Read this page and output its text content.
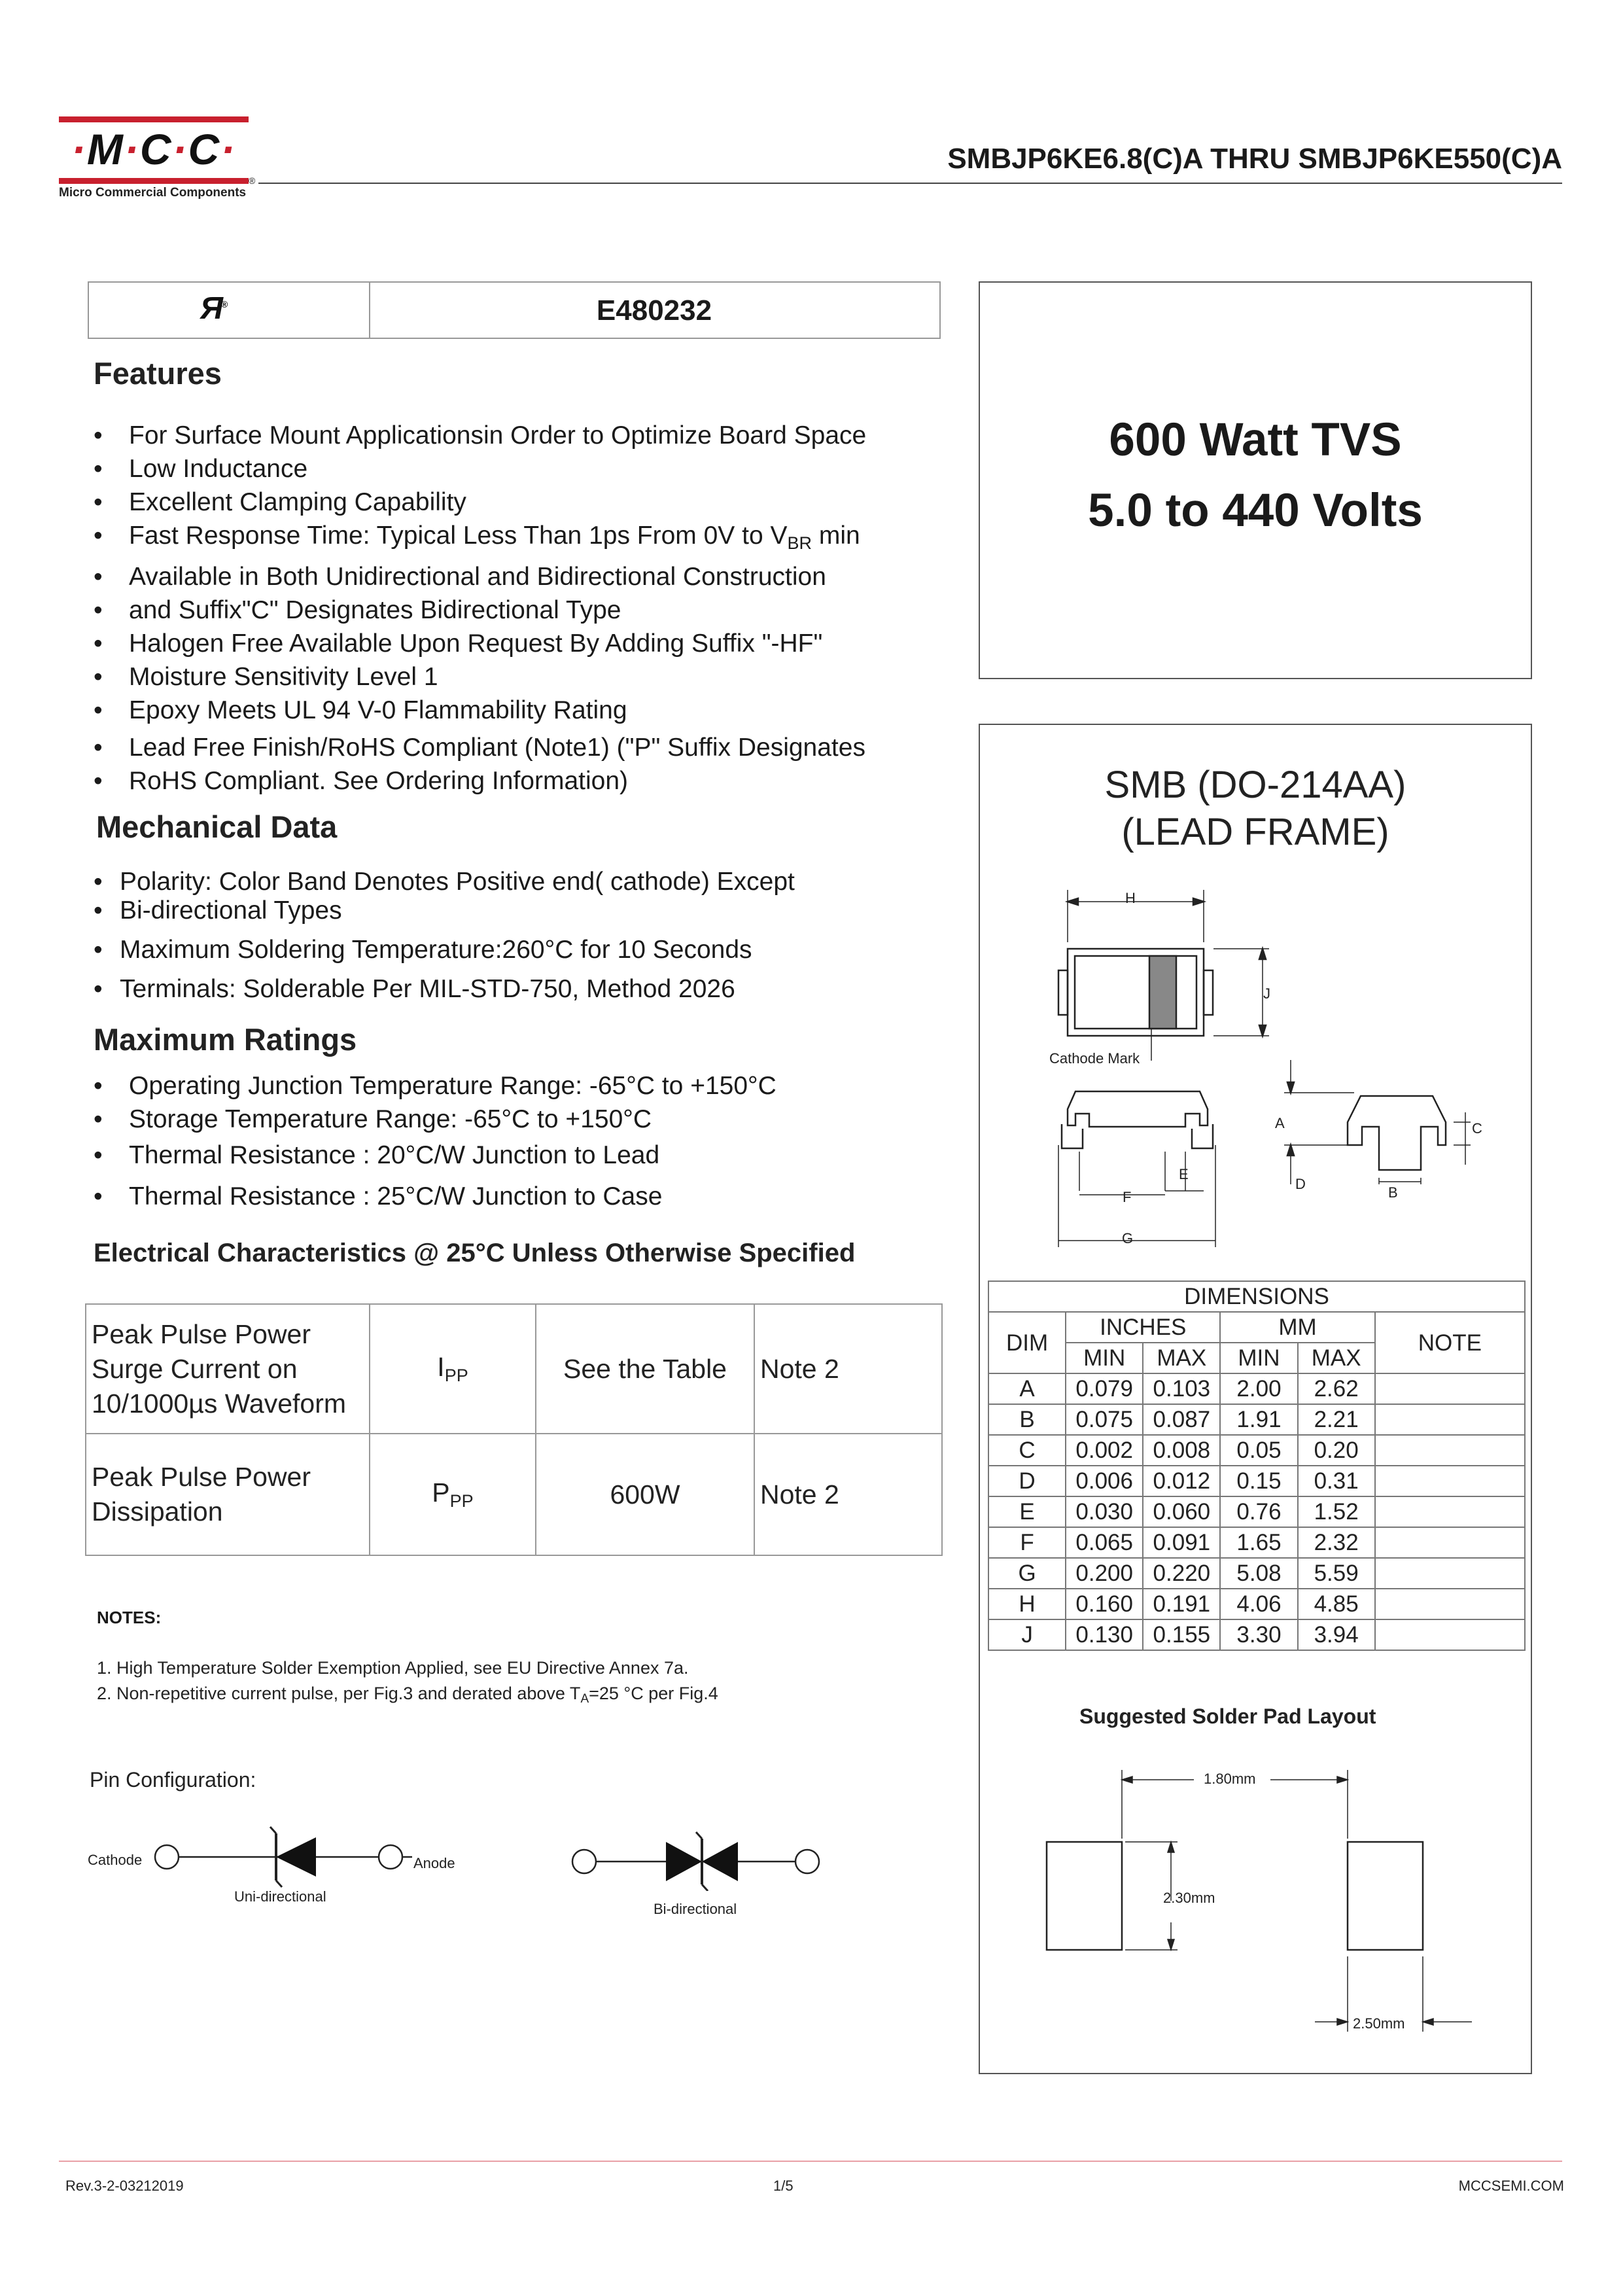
·M·C·C·
Micro Commercial Components
®
SMBJP6KE6.8(C)A THRU SMBJP6KE550(C)A
Я®	E480232
Features
• For Surface Mount Applicationsin Order to Optimize Board Space
• Low Inductance
• Excellent Clamping Capability
• Fast Response Time: Typical Less Than 1ps From 0V to $V_{BR}$ min
• Available in Both Unidirectional and Bidirectional Construction
• and Suffix"C" Designates Bidirectional Type
• Halogen Free Available Upon Request By Adding Suffix "-HF"
• Moisture Sensitivity Level 1
• Epoxy Meets UL 94 V-0 Flammability Rating
• Lead Free Finish/RoHS Compliant (Note1) ("P" Suffix Designates
• RoHS Compliant. See Ordering Information)
Mechanical Data
• Polarity: Color Band Denotes Positive end( cathode) Except
• Bi-directional Types
• Maximum Soldering Temperature:260°C for 10 Seconds
• Terminals: Solderable Per MIL-STD-750, Method 2026
Maximum Ratings
• Operating Junction Temperature Range: -65°C to +150°C
• Storage Temperature Range: -65°C to +150°C
• Thermal Resistance : 20°C/W Junction to Lead
• Thermal Resistance : 25°C/W Junction to Case
Electrical Characteristics @ 25°C Unless Otherwise Specified
Peak Pulse Power
Surge Current on
10/1000µs Waveform	$I_{PP}$	See the Table	Note 2
Peak Pulse Power
Dissipation	$P_{PP}$	600W	Note 2
NOTES:
1. High Temperature Solder Exemption Applied, see EU Directive Annex 7a.
2. Non-repetitive current pulse, per Fig.3 and derated above TA=25 °C per Fig.4
Pin Configuration:
Cathode	Anode
Uni-directional
Bi-directional
600 Watt TVS
5.0 to 440 Volts
SMB (DO-214AA)
(LEAD FRAME)
H
J
Cathode Mark
A	C
E
D
B
F
G
DIMENSIONS					
DIM	INCHES		MM		NOTE
	MIN	MAX	MIN	MAX	
A	0.079	0.103	2.00	2.62	
B	0.075	0.087	1.91	2.21	
C	0.002	0.008	0.05	0.20	
D	0.006	0.012	0.15	0.31	
E	0.030	0.060	0.76	1.52	
F	0.065	0.091	1.65	2.32	
G	0.200	0.220	5.08	5.59	
H	0.160	0.191	4.06	4.85	
J	0.130	0.155	3.30	3.94	
Suggested Solder Pad Layout
1.80mm
2.30mm
2.50mm
Rev.3-2-03212019	1/5	MCCSEMI.COM
